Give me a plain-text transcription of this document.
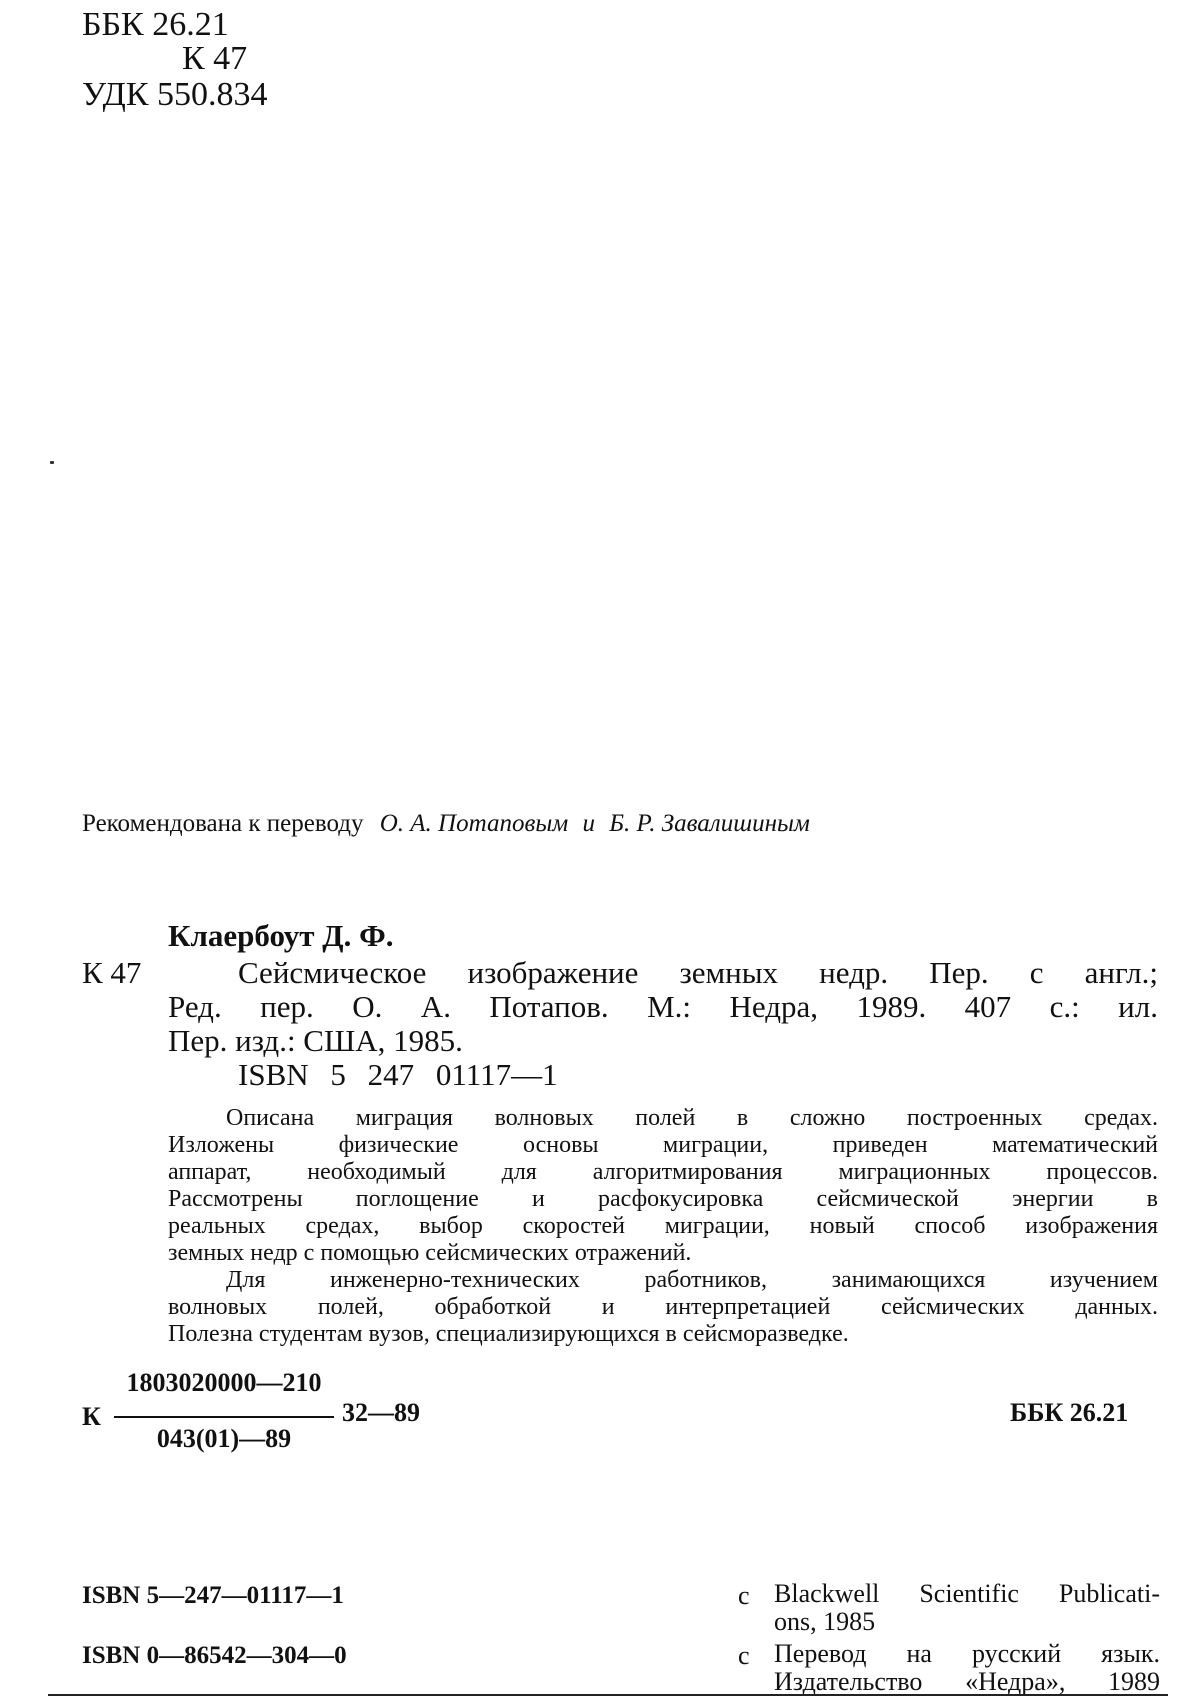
ББК 26.21
К 47
УДК 550.834
Рекомендована к переводу О. А. Потаповым и Б. Р. Завалишиным
Клаербоут Д. Ф.
К 47	Сейсмическое изображение земных недр. Пер. с англ.;
Ред. пер. О. А. Потапов. М.: Недра, 1989. 407 с.: ил.
Пер. изд.: США, 1985.
ISBN 5 247 01117—1
Описана миграция волновых полей в сложно построенных средах.
Изложены физические основы миграции, приведен математический
аппарат, необходимый для алгоритмирования миграционных процессов.
Рассмотрены поглощение и расфокусировка сейсмической энергии в
реальных средах, выбор скоростей миграции, новый способ изображения
земных недр с помощью сейсмических отражений.
Для инженерно-технических работников, занимающихся изучением
волновых полей, обработкой и интерпретацией сейсмических данных.
Полезна студентам вузов, специализирующихся в сейсморазведке.
К
1803020000—210
043(01)—89
32—89	ББК 26.21
ISBN 5—247—01117—1
ISBN 0—86542—304—0
с Blackwell Scientific Publicati-
ons, 1985
с Перевод на русский язык.
Издательство «Недра», 1989
